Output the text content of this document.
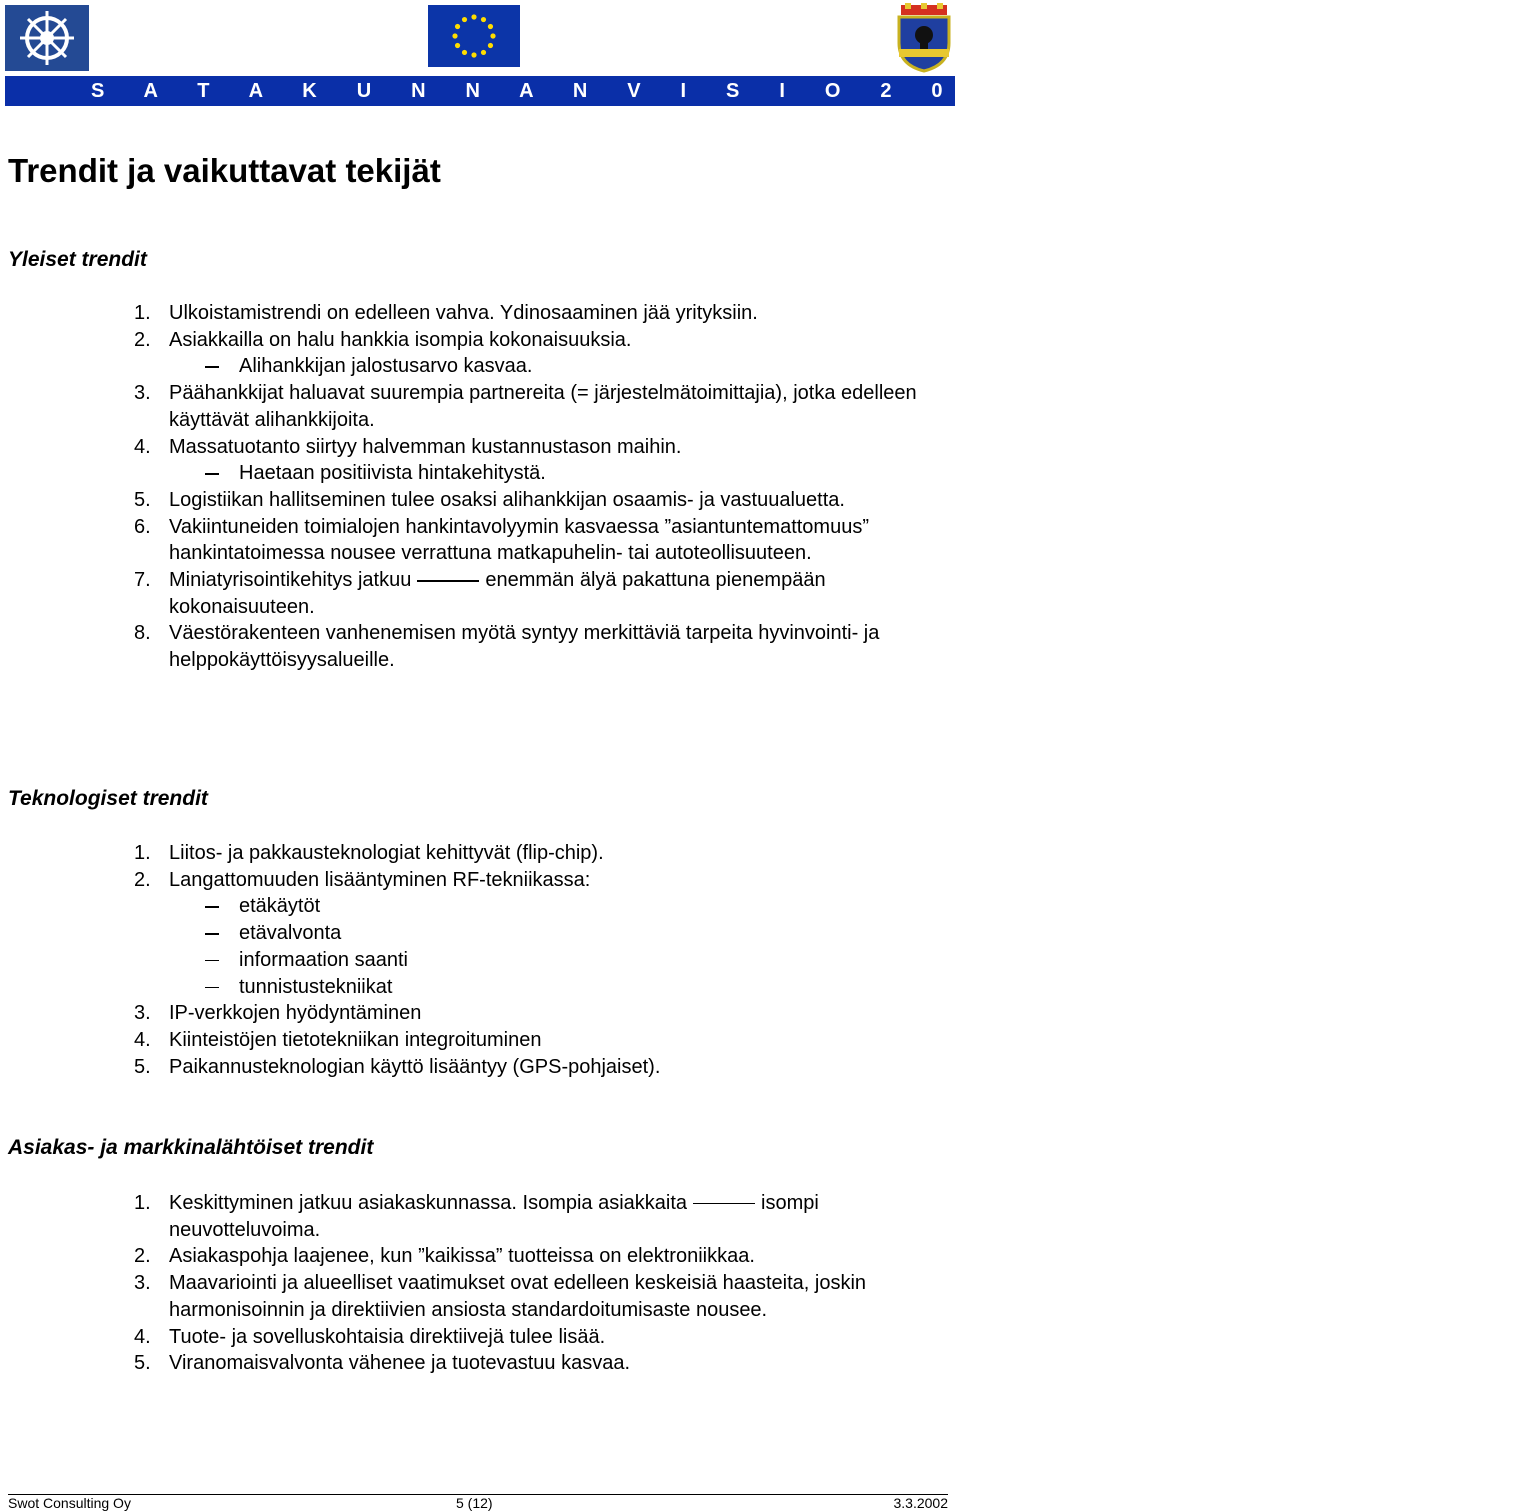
S A T A K U N N A N V I S I O 2 0 1 0 - P R O J E K T I
Trendit ja vaikuttavat tekijät
Yleiset trendit
1. Ulkoistamistrendi on edelleen vahva. Ydinosaaminen jää yrityksiin.
2. Asiakkailla on halu hankkia isompia kokonaisuuksia.
Alihankkijan jalostusarvo kasvaa.
3. Päähankkijat haluavat suurempia partnereita (= järjestelmätoimittajia), jotka edelleen käyttävät alihankkijoita.
4. Massatuotanto siirtyy halvemman kustannustason maihin.
Haetaan positiivista hintakehitystä.
5. Logistiikan hallitseminen tulee osaksi alihankkijan osaamis- ja vastuualuetta.
6. Vakiintuneiden toimialojen hankintavolyymin kasvaessa ”asiantuntemattomuus” hankintatoimessa nousee verrattuna matkapuhelin- tai autoteollisuuteen.
7. Miniatyrisointikehitys jatkuu	enemmän älyä pakattuna pienempään kokonaisuuteen.
8. Väestörakenteen vanhenemisen myötä syntyy merkittäviä tarpeita hyvinvointi- ja helppokäyttöisyysalueille.
Teknologiset trendit
1. Liitos- ja pakkausteknologiat kehittyvät (flip-chip).
2. Langattomuuden lisääntyminen RF-tekniikassa:
etäkäytöt
etävalvonta
informaation saanti
tunnistustekniikat
3. IP-verkkojen hyödyntäminen
4. Kiinteistöjen tietotekniikan integroituminen
5. Paikannusteknologian käyttö lisääntyy (GPS-pohjaiset).
Asiakas- ja markkinalähtöiset trendit
1. Keskittyminen jatkuu asiakaskunnassa. Isompia asiakkaita	isompi neuvotteluvoima.
2. Asiakaspohja laajenee, kun ”kaikissa” tuotteissa on elektroniikkaa.
3. Maavariointi ja alueelliset vaatimukset ovat edelleen keskeisiä haasteita, joskin harmonisoinnin ja direktiivien ansiosta standardoitumisaste nousee.
4. Tuote- ja sovelluskohtaisia direktiivejä tulee lisää.
5. Viranomaisvalvonta vähenee ja tuotevastuu kasvaa.
Swot Consulting Oy	5 (12)	3.3.2002
